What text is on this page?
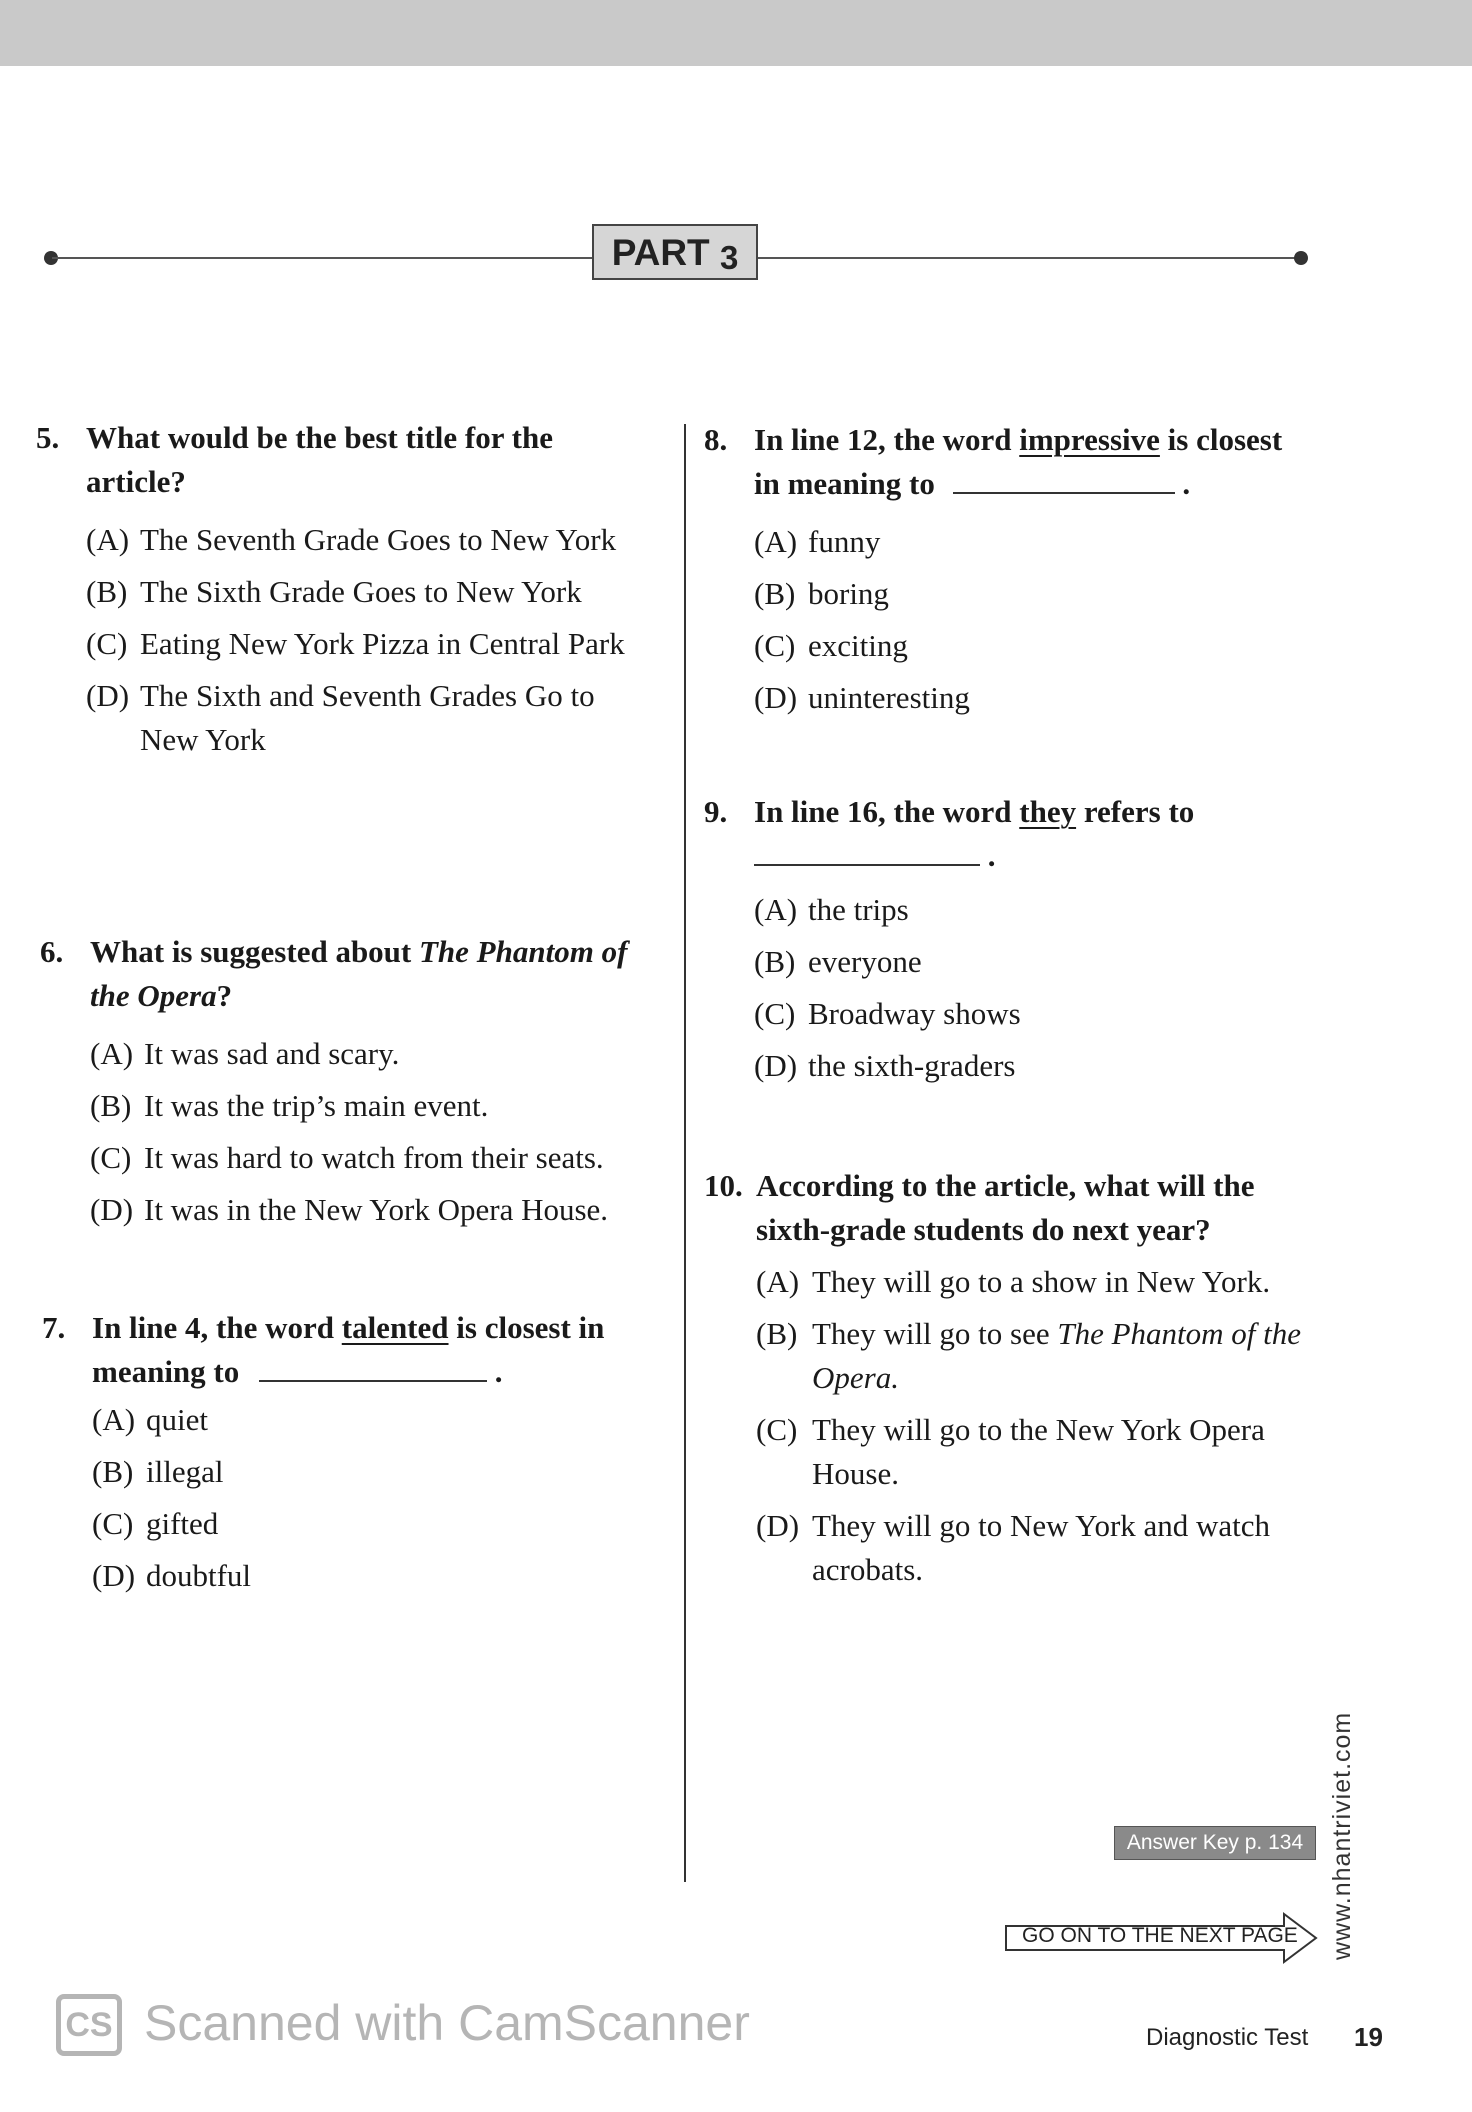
PART 3
5. What would be the best title for the article?
(A) The Seventh Grade Goes to New York
(B) The Sixth Grade Goes to New York
(C) Eating New York Pizza in Central Park
(D) The Sixth and Seventh Grades Go to New York
6. What is suggested about The Phantom of the Opera?
(A) It was sad and scary.
(B) It was the trip’s main event.
(C) It was hard to watch from their seats.
(D) It was in the New York Opera House.
7. In line 4, the word talented is closest in meaning to	.
(A) quiet
(B) illegal
(C) gifted
(D) doubtful
8. In line 12, the word impressive is closest in meaning to	.
(A) funny
(B) boring
(C) exciting
(D) uninteresting
9. In line 16, the word they refers to
.
(A) the trips
(B) everyone
(C) Broadway shows
(D) the sixth-graders
10. According to the article, what will the sixth-grade students do next year?
(A) They will go to a show in New York.
(B) They will go to see The Phantom of the Opera.
(C) They will go to the New York Opera House.
(D) They will go to New York and watch acrobats.
Answer Key p. 134
GO ON TO THE NEXT PAGE www.nhantriviet.com
CS Scanned with CamScanner	Diagnostic Test 19
